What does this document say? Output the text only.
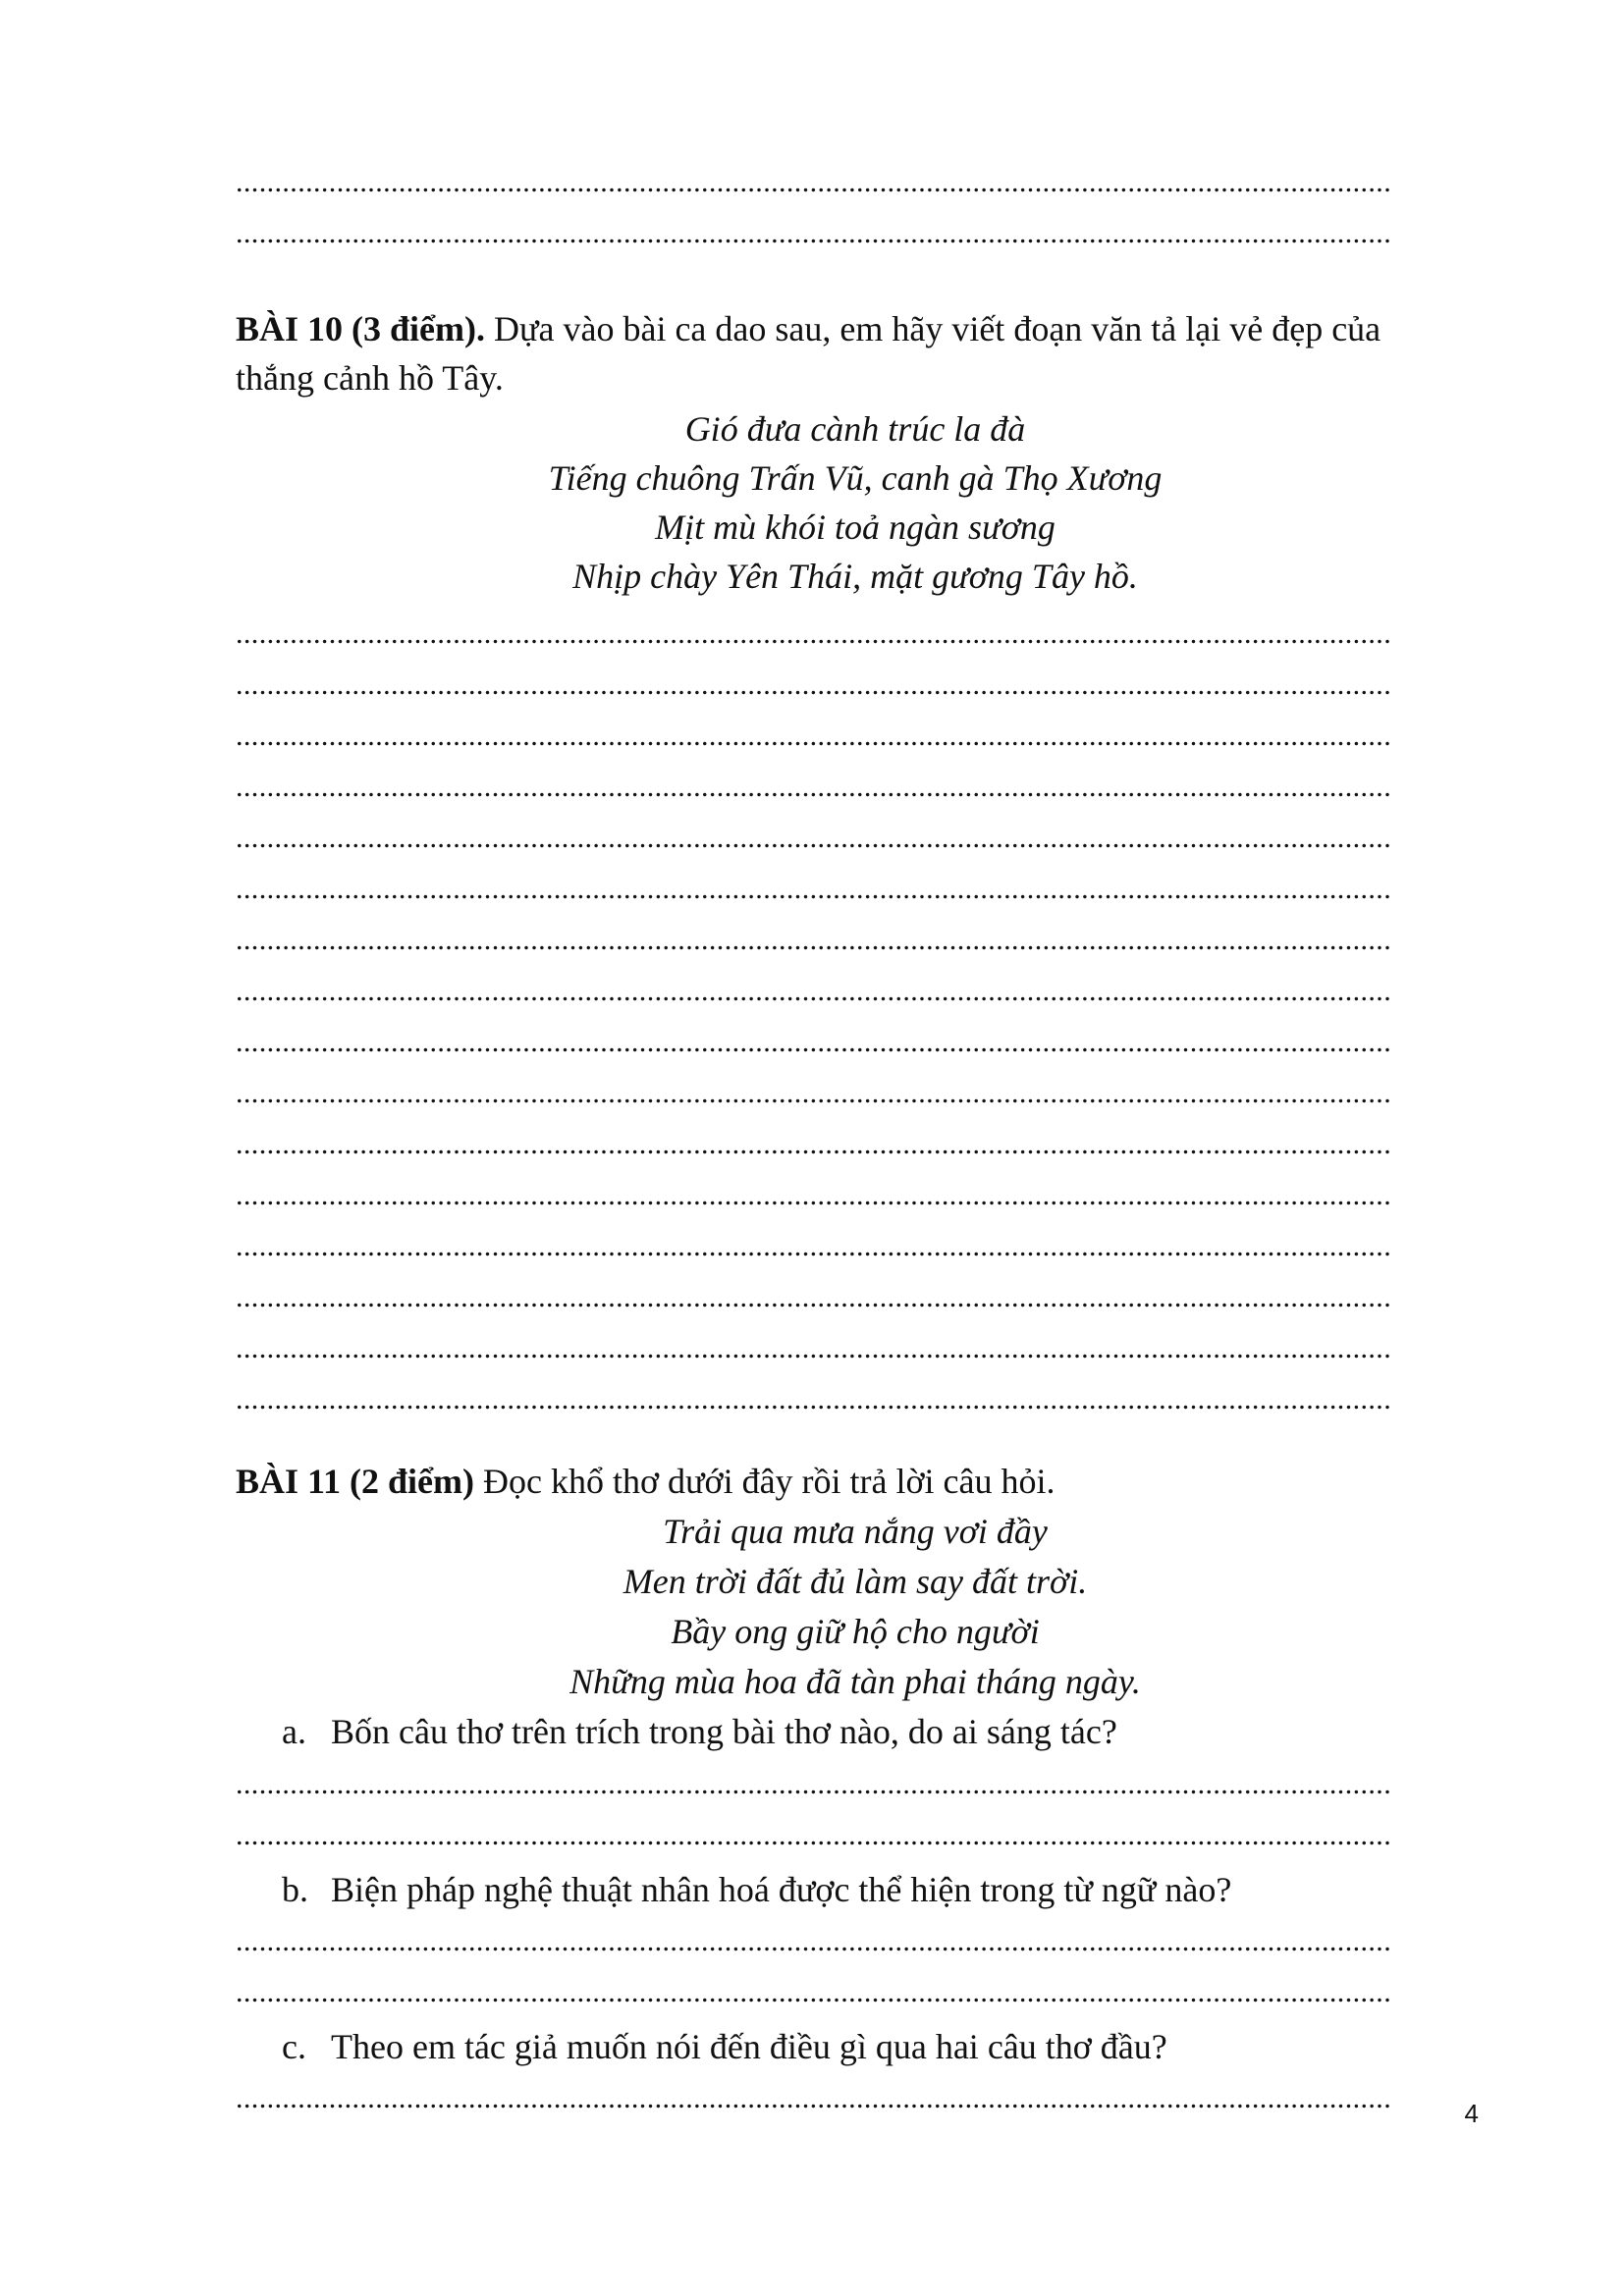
.....................................................................................................................................................
.....................................................................................................................................................
BÀI 10 (3 điểm). Dựa vào bài ca dao sau, em hãy viết đoạn văn tả lại vẻ đẹp của
thắng cảnh hồ Tây.
Gió đưa cành trúc la đà
Tiếng chuông Trấn Vũ, canh gà Thọ Xương
Mịt mù khói toả ngàn sương
Nhịp chày Yên Thái, mặt gương Tây hồ.
.....................................................................................................................................................
.....................................................................................................................................................
.....................................................................................................................................................
.....................................................................................................................................................
.....................................................................................................................................................
.....................................................................................................................................................
.....................................................................................................................................................
.....................................................................................................................................................
.....................................................................................................................................................
.....................................................................................................................................................
.....................................................................................................................................................
.....................................................................................................................................................
.....................................................................................................................................................
.....................................................................................................................................................
.....................................................................................................................................................
.....................................................................................................................................................
BÀI 11 (2 điểm) Đọc khổ thơ dưới đây rồi trả lời câu hỏi.
Trải qua mưa nắng vơi đầy
Men trời đất đủ làm say đất trời.
Bầy ong giữ hộ cho người
Những mùa hoa đã tàn phai tháng ngày.
a. Bốn câu thơ trên trích trong bài thơ nào, do ai sáng tác?
.....................................................................................................................................................
.....................................................................................................................................................
b. Biện pháp nghệ thuật nhân hoá được thể hiện trong từ ngữ nào?
.....................................................................................................................................................
.....................................................................................................................................................
c. Theo em tác giả muốn nói đến điều gì qua hai câu thơ đầu?
.....................................................................................................................................................	4
